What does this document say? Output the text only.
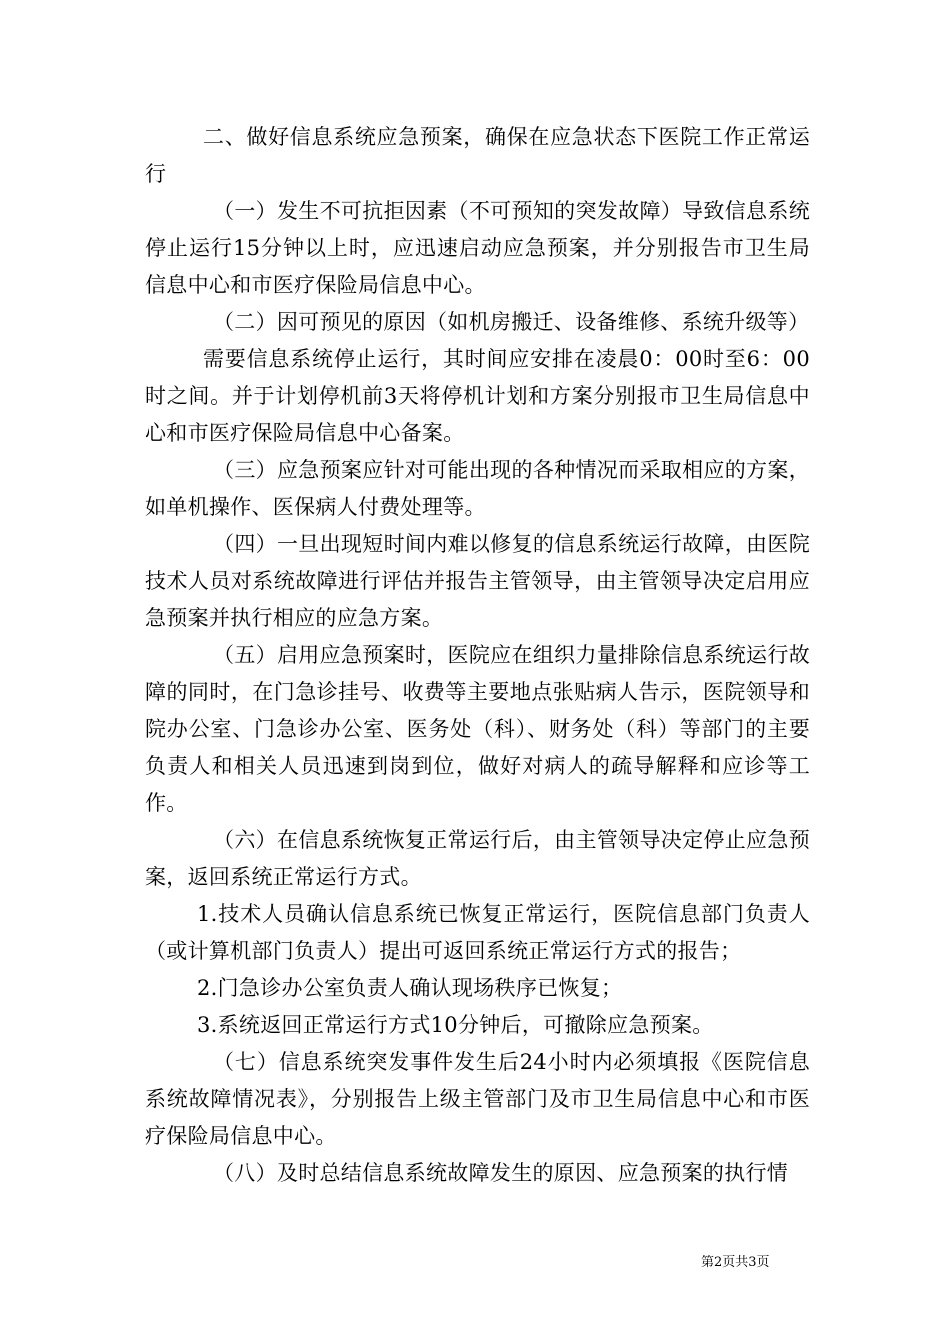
二、做好信息系统应急预案，确保在应急状态下医院工作正常运行

（一）发生不可抗拒因素（不可预知的突发故障）导致信息系统停止运行15分钟以上时，应迅速启动应急预案，并分别报告市卫生局信息中心和市医疗保险局信息中心。

（二）因可预见的原因（如机房搬迁、设备维修、系统升级等）

需要信息系统停止运行，其时间应安排在凌晨0：00时至6：00时之间。并于计划停机前3天将停机计划和方案分别报市卫生局信息中心和市医疗保险局信息中心备案。

（三）应急预案应针对可能出现的各种情况而采取相应的方案，如单机操作、医保病人付费处理等。

（四）一旦出现短时间内难以修复的信息系统运行故障，由医院技术人员对系统故障进行评估并报告主管领导，由主管领导决定启用应急预案并执行相应的应急方案。

（五）启用应急预案时，医院应在组织力量排除信息系统运行故障的同时，在门急诊挂号、收费等主要地点张贴病人告示，医院领导和院办公室、门急诊办公室、医务处（科）、财务处（科）等部门的主要负责人和相关人员迅速到岗到位，做好对病人的疏导解释和应诊等工作。

（六）在信息系统恢复正常运行后，由主管领导决定停止应急预案，返回系统正常运行方式。

1.技术人员确认信息系统已恢复正常运行，医院信息部门负责人（或计算机部门负责人）提出可返回系统正常运行方式的报告；

2.门急诊办公室负责人确认现场秩序已恢复；

3.系统返回正常运行方式10分钟后，可撤除应急预案。

（七）信息系统突发事件发生后24小时内必须填报《医院信息系统故障情况表》，分别报告上级主管部门及市卫生局信息中心和市医疗保险局信息中心。

（八）及时总结信息系统故障发生的原因、应急预案的执行情

第2页共3页
